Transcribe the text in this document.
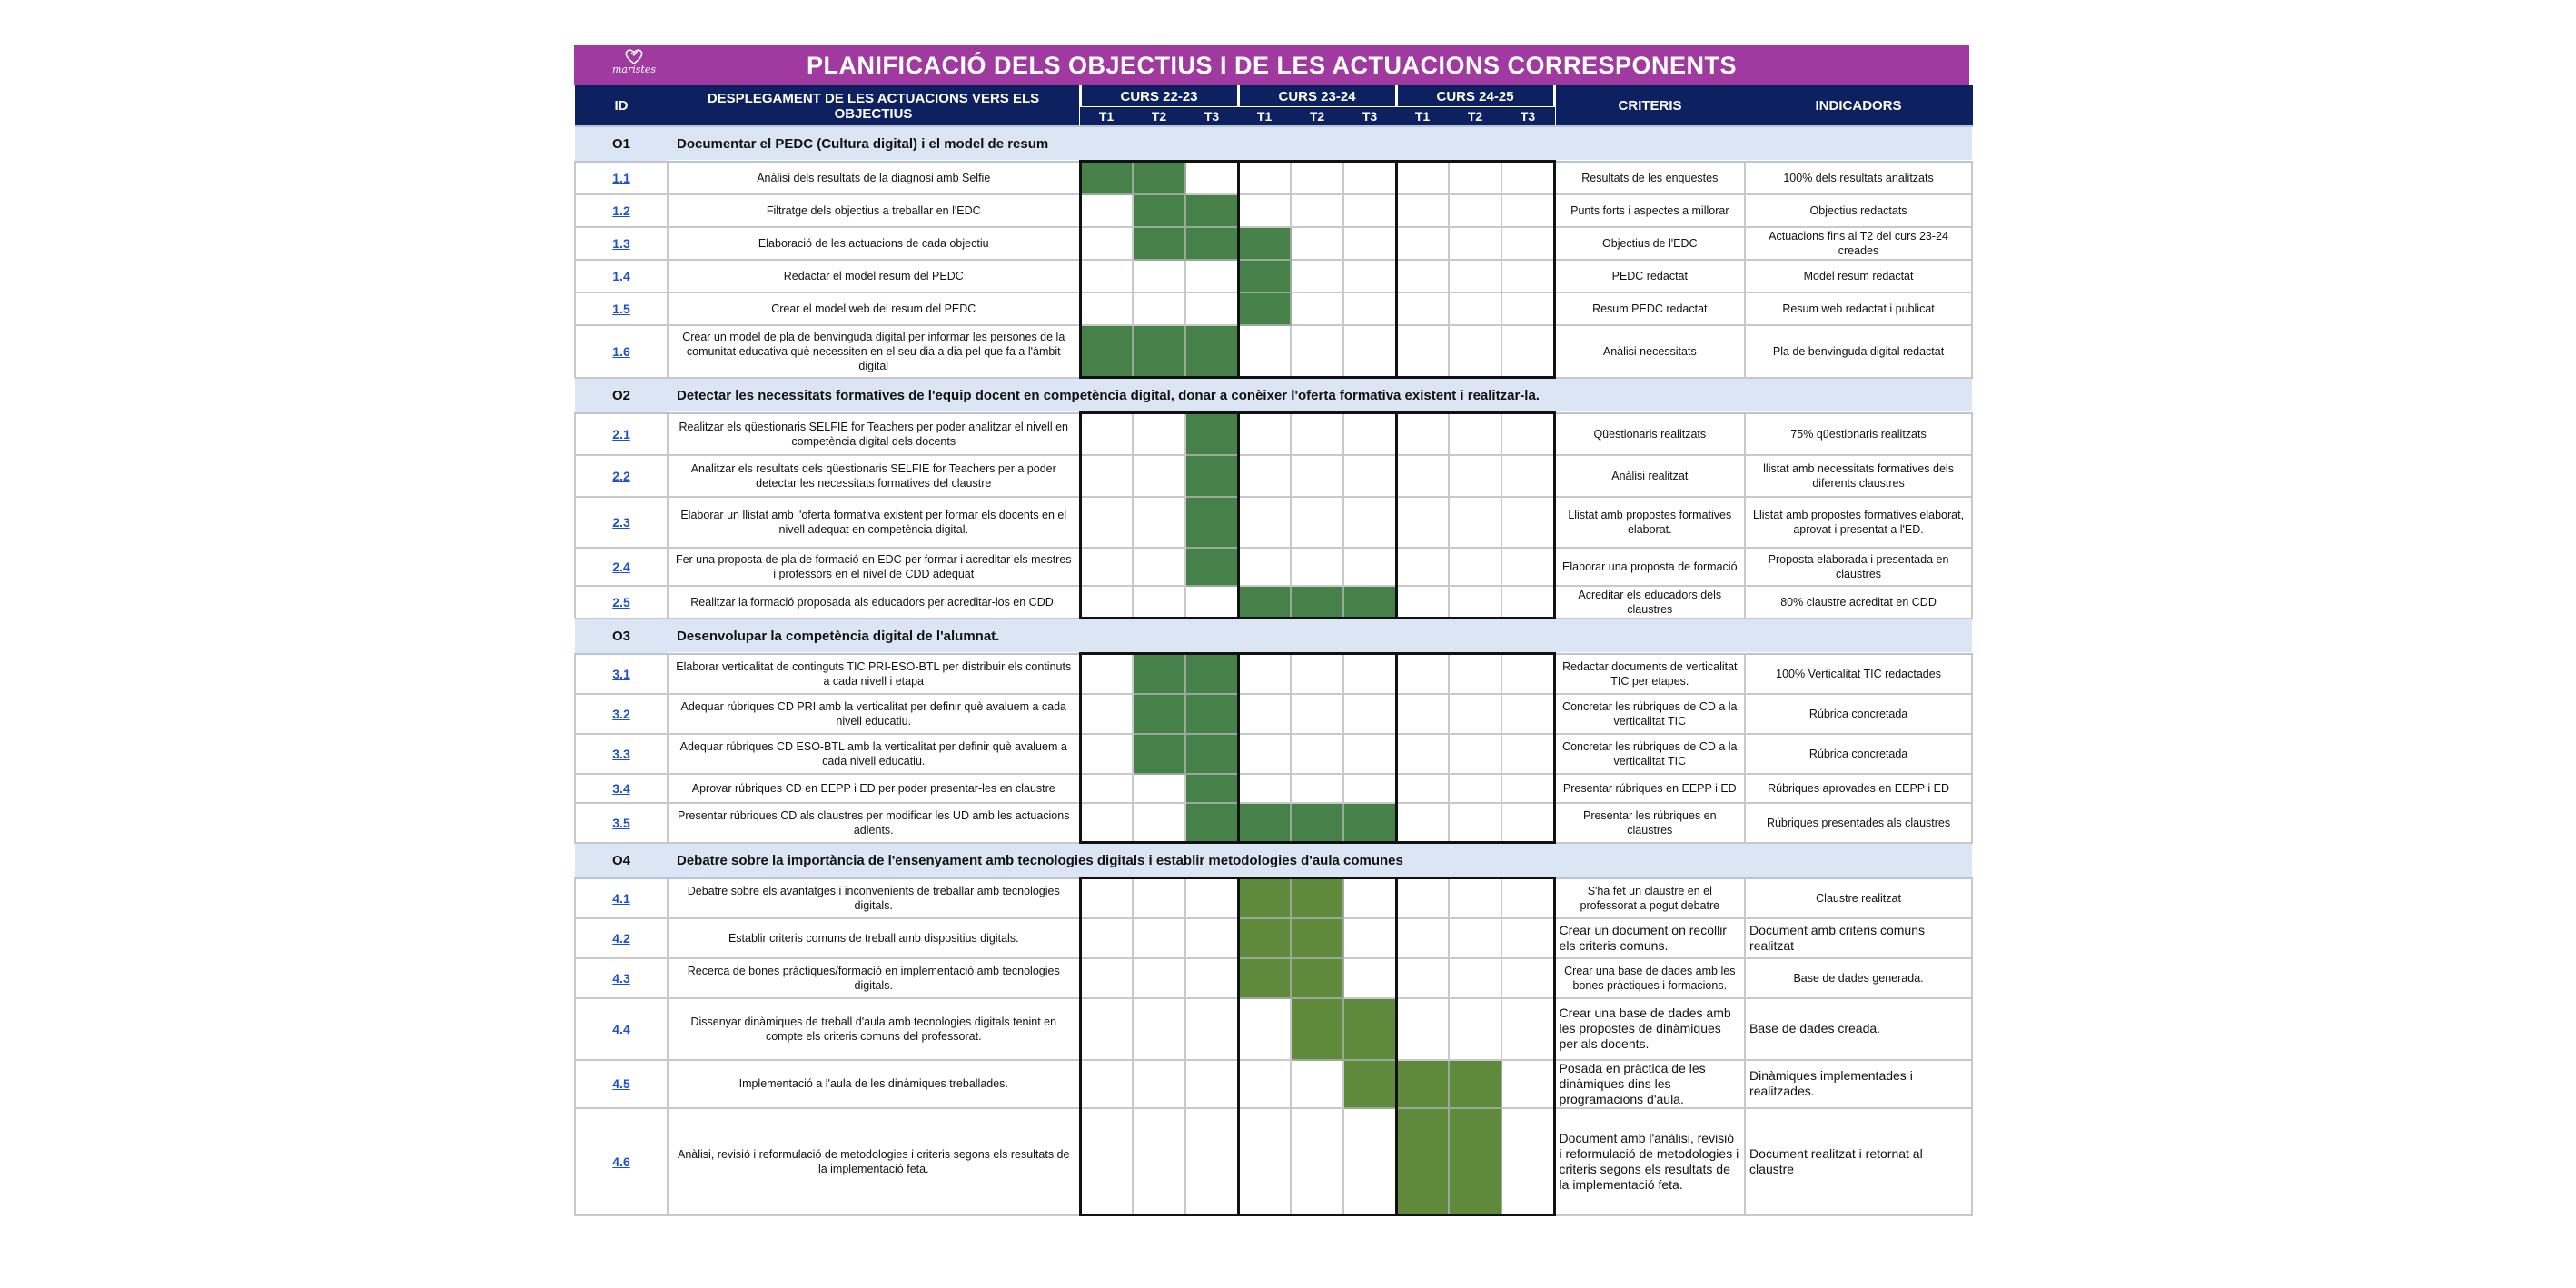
maristes	PLANIFICACIÓ DELS OBJECTIUS I DE LES ACTUACIONS CORRESPONENTS
ID	DESPLEGAMENT DE LES ACTUACIONS VERS ELS OBJECTIUS	CURS 22-23			CURS 23-24			CURS 24-25			CRITERIS	INDICADORS
		T1	T2	T3	T1	T2	T3	T1	T2	T3		
O1	Documentar el PEDC (Cultura digital) i el model de resum											
1.1	Anàlisi dels resultats de la diagnosi amb Selfie										Resultats de les enquestes	100% dels resultats analitzats
1.2	Filtratge dels objectius a treballar en l'EDC										Punts forts i aspectes a millorar	Objectius redactats
1.3	Elaboració de les actuacions de cada objectiu										Objectius de l'EDC	Actuacions fins al T2 del curs 23-24 creades
1.4	Redactar el model resum del PEDC										PEDC redactat	Model resum redactat
1.5	Crear el model web del resum del PEDC										Resum PEDC redactat	Resum web redactat i publicat
1.6	Crear un model de pla de benvinguda digital per informar les persones de la comunitat educativa què necessiten en el seu dia a dia pel que fa a l'àmbit digital										Anàlisi necessitats	Pla de benvinguda digital redactat
O2	Detectar les necessitats formatives de l'equip docent en competència digital, donar a conèixer l'oferta formativa existent i realitzar-la.											
2.1	Realitzar els qüestionaris SELFIE for Teachers per poder analitzar el nivell en competència digital dels docents										Qüestionaris realitzats	75% qüestionaris realitzats
2.2	Analitzar els resultats dels qüestionaris SELFIE for Teachers per a poder detectar les necessitats formatives del claustre										Anàlisi realitzat	llistat amb necessitats formatives dels diferents claustres
2.3	Elaborar un llistat amb l'oferta formativa existent per formar els docents en el nivell adequat en competència digital.										Llistat amb propostes formatives elaborat.	Llistat amb propostes formatives elaborat, aprovat i presentat a l'ED.
2.4	Fer una proposta de pla de formació en EDC per formar i acreditar els mestres i professors en el nivel de CDD adequat										Elaborar una proposta de formació	Proposta elaborada i presentada en claustres
2.5	Realitzar la formació proposada als educadors per acreditar-los en CDD.										Acreditar els educadors dels claustres	80% claustre acreditat en CDD
O3	Desenvolupar la competència digital de l'alumnat.											
3.1	Elaborar verticalitat de continguts TIC PRI-ESO-BTL per distribuir els continuts a cada nivell i etapa										Redactar documents de verticalitat TIC per etapes.	100% Verticalitat TIC redactades
3.2	Adequar rúbriques CD PRI amb la verticalitat per definir què avaluem a cada nivell educatiu.										Concretar les rúbriques de CD a la verticalitat TIC	Rúbrica concretada
3.3	Adequar rúbriques CD ESO-BTL amb la verticalitat per definir què avaluem a cada nivell educatiu.										Concretar les rúbriques de CD a la verticalitat TIC	Rúbrica concretada
3.4	Aprovar rúbriques CD en EEPP i ED per poder presentar-les en claustre										Presentar rúbriques en EEPP i ED	Rúbriques aprovades en EEPP i ED
3.5	Presentar rúbriques CD als claustres per modificar les UD amb les actuacions adients.										Presentar les rúbriques en claustres	Rúbriques presentades als claustres
O4	Debatre sobre la importància de l'ensenyament amb tecnologies digitals i establir metodologies d'aula comunes											
4.1	Debatre sobre els avantatges i inconvenients de treballar amb tecnologies digitals.										S'ha fet un claustre en el professorat a pogut debatre	Claustre realitzat
4.2	Establir criteris comuns de treball amb dispositius digitals.										Crear un document on recollir els criteris comuns.	Document amb criteris comuns realitzat
4.3	Recerca de bones pràctiques/formació en implementació amb tecnologies digitals.										Crear una base de dades amb les bones pràctiques i formacions.	Base de dades generada.
4.4	Dissenyar dinàmiques de treball d'aula amb tecnologies digitals tenint en compte els criteris comuns del professorat.										Crear una base de dades amb les propostes de dinàmiques per als docents.	Base de dades creada.
4.5	Implementació a l'aula de les dinàmiques treballades.										Posada en pràctica de les dinàmiques dins les programacions d'aula.	Dinàmiques implementades i realitzades.
4.6	Anàlisi, revisió i reformulació de metodologies i criteris segons els resultats de la implementació feta.										Document amb l'anàlisi, revisió i reformulació de metodologies i criteris segons els resultats de la implementació feta.	Document realitzat i retornat al claustre
